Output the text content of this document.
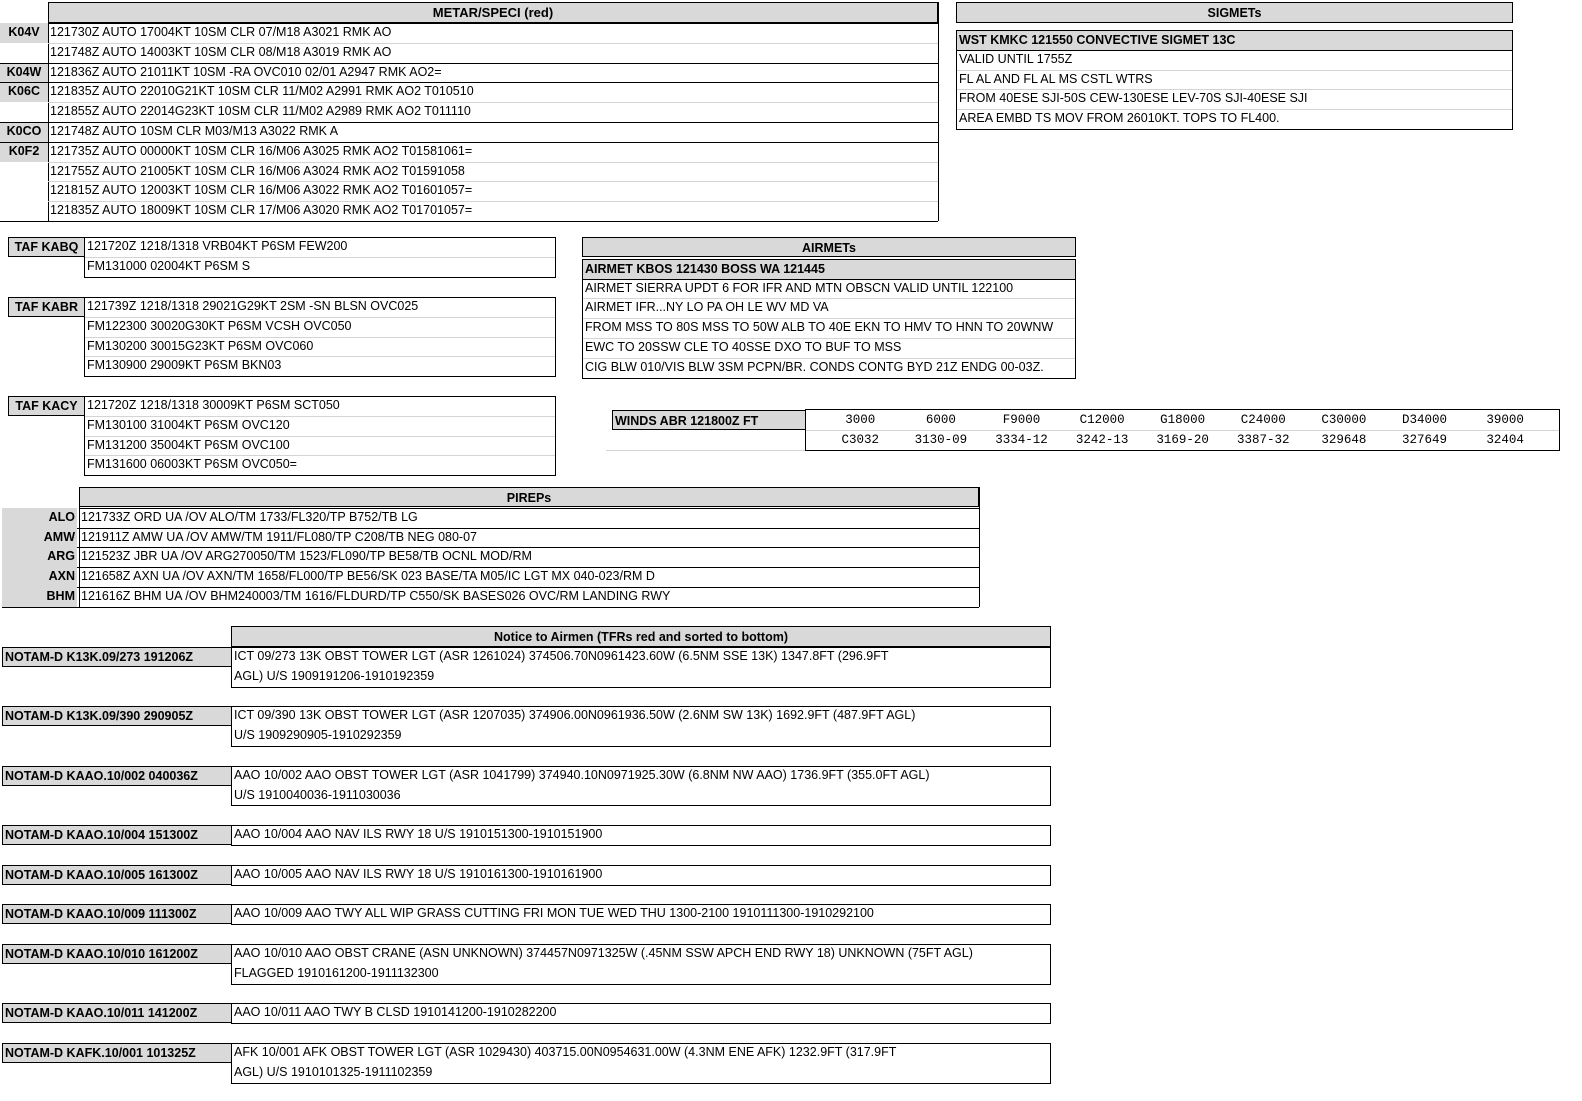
METAR/SPECI (red)
K04V 121730Z AUTO 17004KT 10SM CLR 07/M18 A3021 RMK AO
121748Z AUTO 14003KT 10SM CLR 08/M18 A3019 RMK AO
K04W 121836Z AUTO 21011KT 10SM -RA OVC010 02/01 A2947 RMK AO2=
K06C 121835Z AUTO 22010G21KT 10SM CLR 11/M02 A2991 RMK AO2 T010510
121855Z AUTO 22014G23KT 10SM CLR 11/M02 A2989 RMK AO2 T011110
K0CO 121748Z AUTO 10SM CLR M03/M13 A3022 RMK A
K0F2 121735Z AUTO 00000KT 10SM CLR 16/M06 A3025 RMK AO2 T01581061=
121755Z AUTO 21005KT 10SM CLR 16/M06 A3024 RMK AO2 T01591058
121815Z AUTO 12003KT 10SM CLR 16/M06 A3022 RMK AO2 T01601057=
121835Z AUTO 18009KT 10SM CLR 17/M06 A3020 RMK AO2 T01701057=
SIGMETs
WST KMKC 121550 CONVECTIVE SIGMET 13C
VALID UNTIL 1755Z
FL AL AND FL AL MS CSTL WTRS
FROM 40ESE SJI-50S CEW-130ESE LEV-70S SJI-40ESE SJI
AREA EMBD TS MOV FROM 26010KT. TOPS TO FL400.
TAF KABQ 121720Z 1218/1318 VRB04KT P6SM FEW200
FM131000 02004KT P6SM S
TAF KABR 121739Z 1218/1318 29021G29KT 2SM -SN BLSN OVC025
FM122300 30020G30KT P6SM VCSH OVC050
FM130200 30015G23KT P6SM OVC060
FM130900 29009KT P6SM BKN03
TAF KACY 121720Z 1218/1318 30009KT P6SM SCT050
FM130100 31004KT P6SM OVC120
FM131200 35004KT P6SM OVC100
FM131600 06003KT P6SM OVC050=
AIRMETs
AIRMET KBOS 121430 BOSS WA 121445
AIRMET SIERRA UPDT 6 FOR IFR AND MTN OBSCN VALID UNTIL 122100
AIRMET IFR...NY LO PA OH LE WV MD VA
FROM MSS TO 80S MSS TO 50W ALB TO 40E EKN TO HMV TO HNN TO 20WNW
EWC TO 20SSW CLE TO 40SSE DXO TO BUF TO MSS
CIG BLW 010/VIS BLW 3SM PCPN/BR. CONDS CONTG BYD 21Z ENDG 00-03Z.
WINDS ABR 121800Z FT	3000	6000	F9000	C12000	G18000	C24000	C30000	D34000	39000
C3032	3130-09	3334-12	3242-13	3169-20	3387-32	329648	327649	32404
PIREPs
ALO 121733Z ORD UA /OV ALO/TM 1733/FL320/TP B752/TB LG
AMW 121911Z AMW UA /OV AMW/TM 1911/FL080/TP C208/TB NEG 080-07
ARG 121523Z JBR UA /OV ARG270050/TM 1523/FL090/TP BE58/TB OCNL MOD/RM
AXN 121658Z AXN UA /OV AXN/TM 1658/FL000/TP BE56/SK 023 BASE/TA M05/IC LGT MX 040-023/RM D
BHM 121616Z BHM UA /OV BHM240003/TM 1616/FLDURD/TP C550/SK BASES026 OVC/RM LANDING RWY
Notice to Airmen (TFRs red and sorted to bottom)
NOTAM-D K13K.09/273 191206Z	ICT 09/273 13K OBST TOWER LGT (ASR 1261024) 374506.70N0961423.60W (6.5NM SSE 13K) 1347.8FT (296.9FT
AGL) U/S 1909191206-1910192359
NOTAM-D K13K.09/390 290905Z	ICT 09/390 13K OBST TOWER LGT (ASR 1207035) 374906.00N0961936.50W (2.6NM SW 13K) 1692.9FT (487.9FT AGL)
U/S 1909290905-1910292359
NOTAM-D KAAO.10/002 040036Z	AAO 10/002 AAO OBST TOWER LGT (ASR 1041799) 374940.10N0971925.30W (6.8NM NW AAO) 1736.9FT (355.0FT AGL)
U/S 1910040036-1911030036
NOTAM-D KAAO.10/004 151300Z	AAO 10/004 AAO NAV ILS RWY 18 U/S 1910151300-1910151900
NOTAM-D KAAO.10/005 161300Z	AAO 10/005 AAO NAV ILS RWY 18 U/S 1910161300-1910161900
NOTAM-D KAAO.10/009 111300Z	AAO 10/009 AAO TWY ALL WIP GRASS CUTTING FRI MON TUE WED THU 1300-2100 1910111300-1910292100
NOTAM-D KAAO.10/010 161200Z	AAO 10/010 AAO OBST CRANE (ASN UNKNOWN) 374457N0971325W (.45NM SSW APCH END RWY 18) UNKNOWN (75FT AGL)
FLAGGED 1910161200-1911132300
NOTAM-D KAAO.10/011 141200Z	AAO 10/011 AAO TWY B CLSD 1910141200-1910282200
NOTAM-D KAFK.10/001 101325Z	AFK 10/001 AFK OBST TOWER LGT (ASR 1029430) 403715.00N0954631.00W (4.3NM ENE AFK) 1232.9FT (317.9FT
AGL) U/S 1910101325-1911102359
